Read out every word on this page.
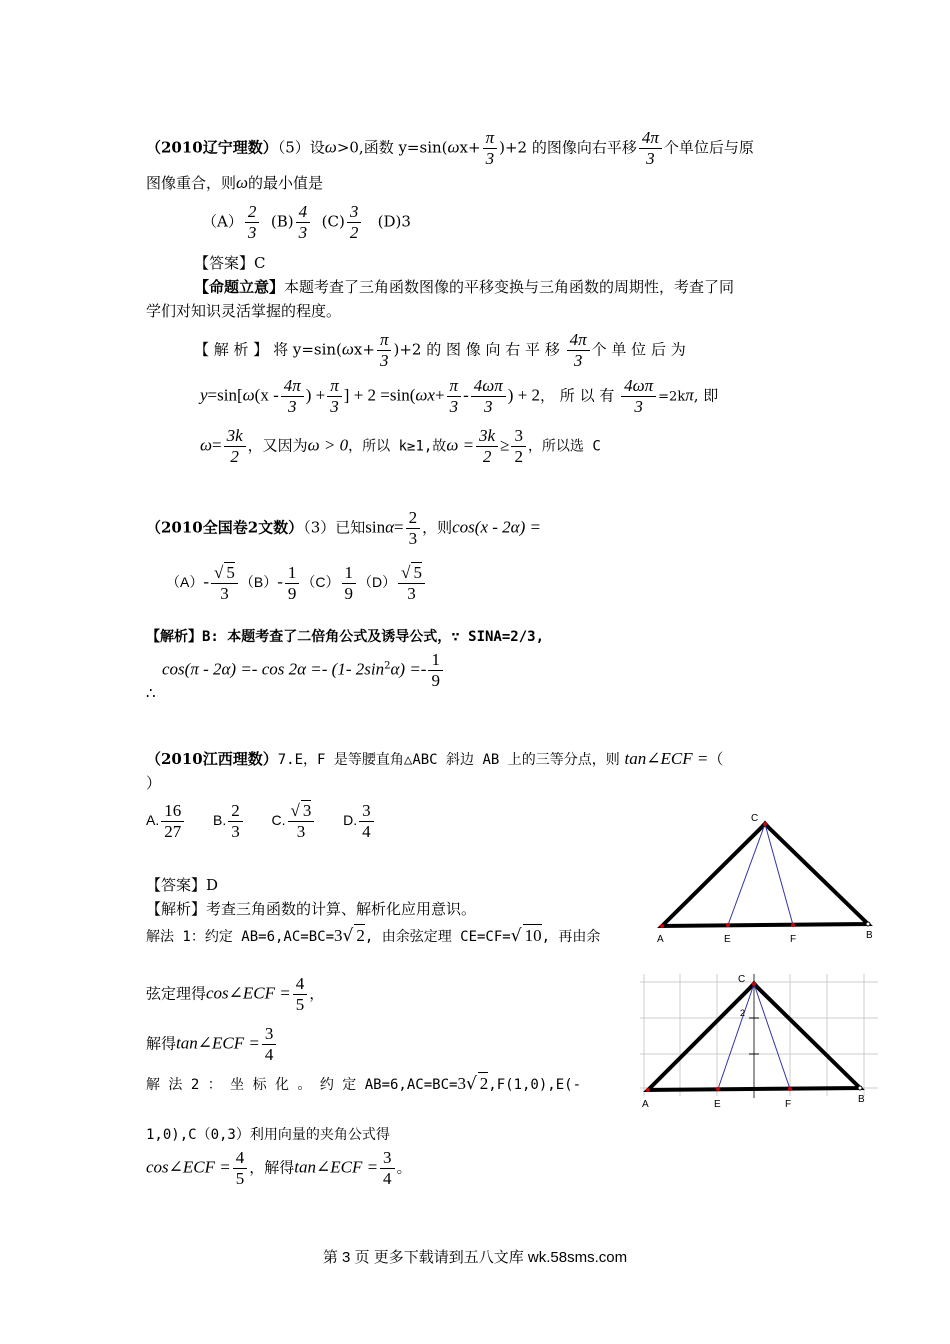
（2010辽宁理数）（5）设ω>0,函数 $y=\sin(\omega x+ \frac{\pi}{3} )+2$ 的图像向右平移 $\frac{4\pi}{3}$ 个单位后与原
图像重合，则ω的最小值是
$(A) \frac{2}{3} (B) \frac{4}{3} (C) \frac{3}{2} (D)3$
【答案】C
【命题立意】本题考查了三角函数图像的平移变换与三角函数的周期性，考查了同
学们对知识灵活掌握的程度。
【 解 析 】 将 $y=\sin(\omega x+ \frac{\pi}{3} )+2$ 的 图 像 向 右 平 移 $\frac{4\pi}{3}$ 个 单 位 后 为
$y=\sin[\omega(x - \frac{4\pi}{3}$ ) + $\frac{\pi}{3}$ ] + $2 =\sin(\omega x+ \frac{\pi}{3} - \frac{4\omega\pi}{3}$ ) + 2， 所 以 有 $\frac{4\omega\pi}{3} =2k\pi$, 即
$\omega= \frac{3k}{2}$ ，又因为ω > 0，所以 k≥1,故$\omega = \frac{3k}{2} \ge \frac{3}{2}$ ，所以选 C
（2010全国卷2文数）（3）已知$\sin\alpha= \frac{2}{3}$ ，则cos(x - 2α) =
$(A)- \frac{√ 5}{3} (B)- \frac{1}{9} (C) \frac{1}{9} (D) \frac{√ 5}{3}$
【解析】B: 本题考查了二倍角公式及诱导公式，∵ SINA=2/3,
∴
cos(π - 2α) =- cos 2α =- (1- $2\sin^2\alpha) =- \frac{1}{9}$
（2010江西理数）7.E，F 是等腰直角△ABC 斜边 AB 上的三等分点，则 tan∠ECF =（
）
A. $\frac{16}{27} B$. $\frac{2}{3} C$. $\frac{√ 3}{3} D$. $\frac{3}{4}$
【答案】D
【解析】考查三角函数的计算、解析化应用意识。
解法 1：约定 AB=6,AC=BC=3√ 2, 由余弦定理 CE=CF=√ 10, 再由余
弦定理得cos∠ECF = $\frac{4}{5}$ ，
解得tan∠ECF = $\frac{3}{4}$
解 法 2 ： 坐 标 化 。 约 定 AB=6,AC=BC=3√ 2,F(1,0),E(-
1,0),C（0,3）利用向量的夹角公式得
cos∠ECF = $\frac{4}{5}$ ，解得tan∠ECF = $\frac{3}{4}$ 。
C
A	E	F	B
C
2
A	E	F	B
第 3 页 更多下载请到五八文库 wk.58sms.com
